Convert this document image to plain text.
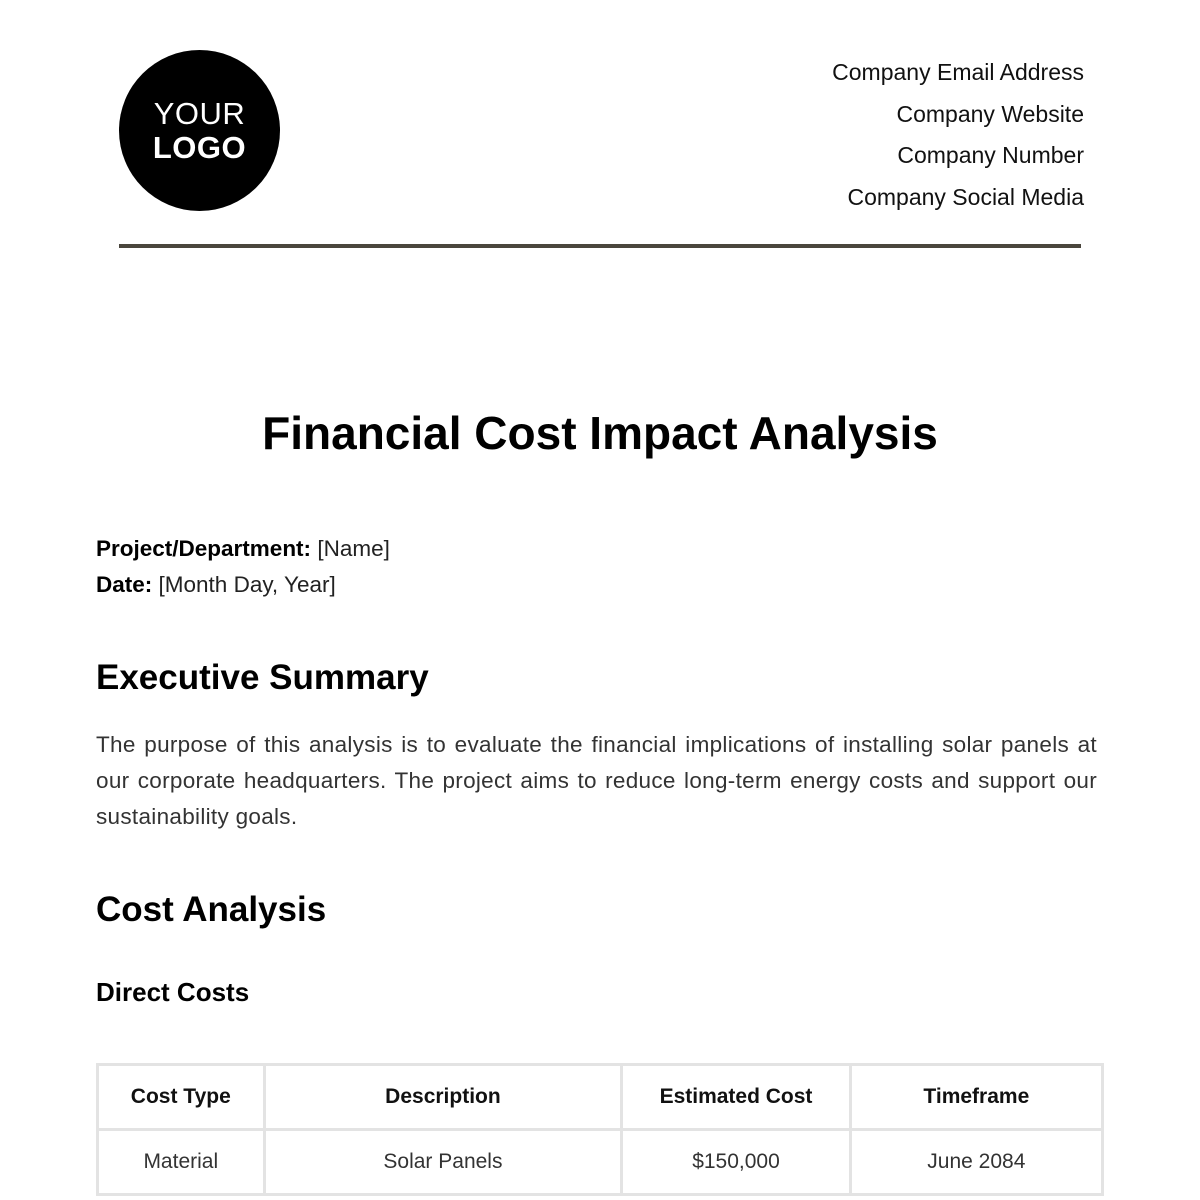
YOUR
LOGO
Company Email Address
Company Website
Company Number
Company Social Media
Financial Cost Impact Analysis
Project/Department: [Name]
Date: [Month Day, Year]
Executive Summary

The purpose of this analysis is to evaluate the financial implications of installing solar panels at our corporate headquarters. The project aims to reduce long-term energy costs and support our sustainability goals.

Cost Analysis
Direct Costs
Cost Type	Description	Estimated Cost	Timeframe
Material	Solar Panels	$150,000	June 2084
